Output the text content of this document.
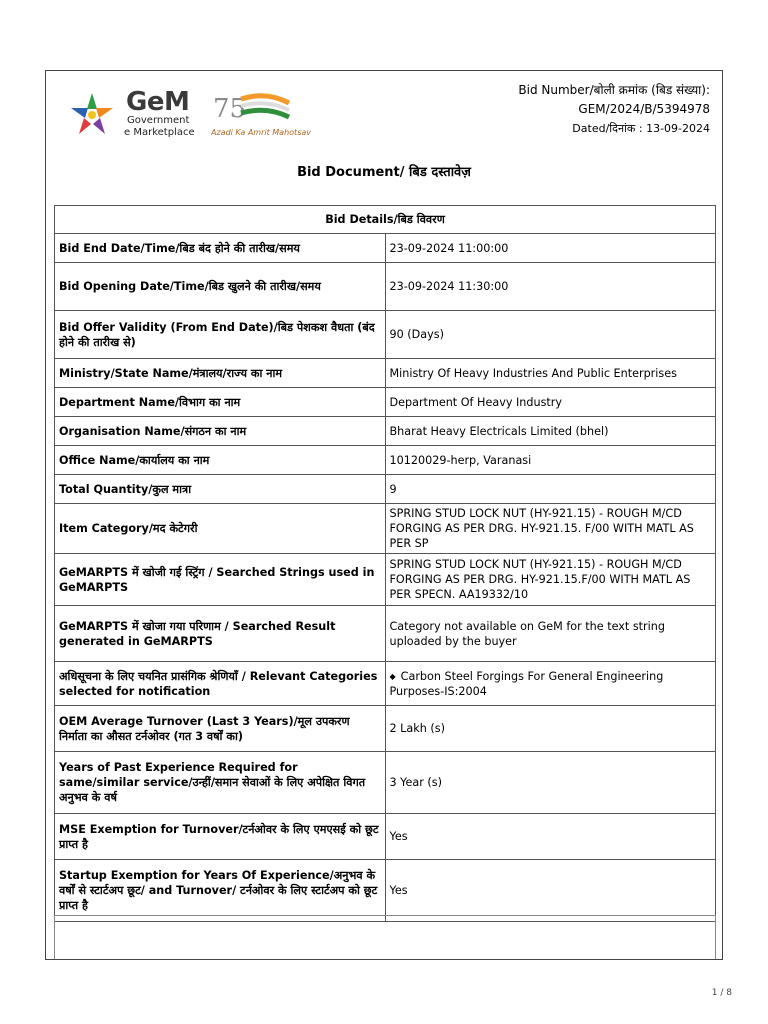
GeM
Government
e Marketplace
75
Azadi Ka Amrit Mahotsav
Bid Number/बोली क्रमांक (बिड संख्या):
GEM/2024/B/5394978
Dated/दिनांक : 13-09-2024
Bid Document/ बिड दस्तावेज़
Bid Details/बिड विवरण	
Bid End Date/Time/बिड बंद होने की तारीख/समय	23-09-2024 11:00:00
Bid Opening Date/Time/बिड खुलने की तारीख/समय	23-09-2024 11:30:00
Bid Offer Validity (From End Date)/बिड पेशकश वैधता (बंद होने की तारीख से)	90 (Days)
Ministry/State Name/मंत्रालय/राज्य का नाम	Ministry Of Heavy Industries And Public Enterprises
Department Name/विभाग का नाम	Department Of Heavy Industry
Organisation Name/संगठन का नाम	Bharat Heavy Electricals Limited (bhel)
Office Name/कार्यालय का नाम	10120029-herp, Varanasi
Total Quantity/कुल मात्रा	9
Item Category/मद केटेगरी	SPRING STUD LOCK NUT (HY-921.15) - ROUGH M/CD FORGING AS PER DRG. HY-921.15. F/00 WITH MATL AS PER SP
GeMARPTS में खोजी गई स्ट्रिंग / Searched Strings used in GeMARPTS	SPRING STUD LOCK NUT (HY-921.15) - ROUGH M/CD FORGING AS PER DRG. HY-921.15.F/00 WITH MATL AS PER SPECN. AA19332/10
GeMARPTS में खोजा गया परिणाम / Searched Result generated in GeMARPTS	Category not available on GeM for the text string uploaded by the buyer
अधिसूचना के लिए चयनित प्रासंगिक श्रेणियाँ / Relevant Categories selected for notification	◆ Carbon Steel Forgings For General Engineering Purposes-IS:2004
OEM Average Turnover (Last 3 Years)/मूल उपकरण निर्माता का औसत टर्नओवर (गत 3 वर्षों का)	2 Lakh (s)
Years of Past Experience Required for same/similar service/उन्हीं/समान सेवाओं के लिए अपेक्षित विगत अनुभव के वर्ष	3 Year (s)
MSE Exemption for Turnover/टर्नओवर के लिए एमएसई को छूट प्राप्त है	Yes
Startup Exemption for Years Of Experience/अनुभव के वर्षों से स्टार्टअप छूट/ and Turnover/ टर्नओवर के लिए स्टार्टअप को छूट प्राप्त है	Yes
1 / 8
